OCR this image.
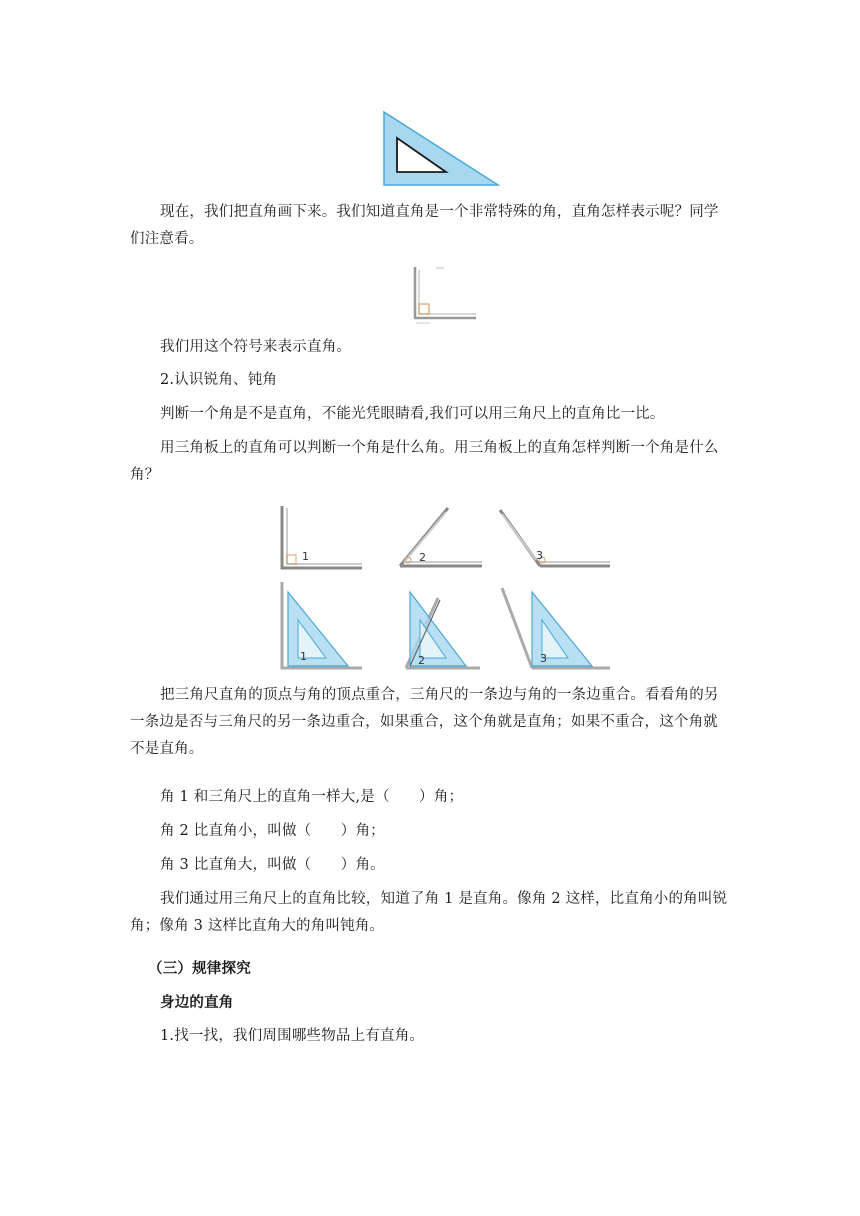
现在，我们把直角画下来。我们知道直角是一个非常特殊的角，直角怎样表示呢？同学们注意看。

我们用这个符号来表示直角。

2.认识锐角、钝角

判断一个角是不是直角，不能光凭眼睛看,我们可以用三角尺上的直角比一比。

用三角板上的直角可以判断一个角是什么角。用三角板上的直角怎样判断一个角是什么角？

1	2	3
1	2	3

把三角尺直角的顶点与角的顶点重合，三角尺的一条边与角的一条边重合。看看角的另一条边是否与三角尺的另一条边重合，如果重合，这个角就是直角；如果不重合，这个角就不是直角。

角 1 和三角尺上的直角一样大,是（　　）角；

角 2 比直角小，叫做（　　）角；

角 3 比直角大，叫做（　　）角。

我们通过用三角尺上的直角比较，知道了角 1 是直角。像角 2 这样，比直角小的角叫锐角；像角 3 这样比直角大的角叫钝角。

（三）规律探究

身边的直角

1.找一找，我们周围哪些物品上有直角。
